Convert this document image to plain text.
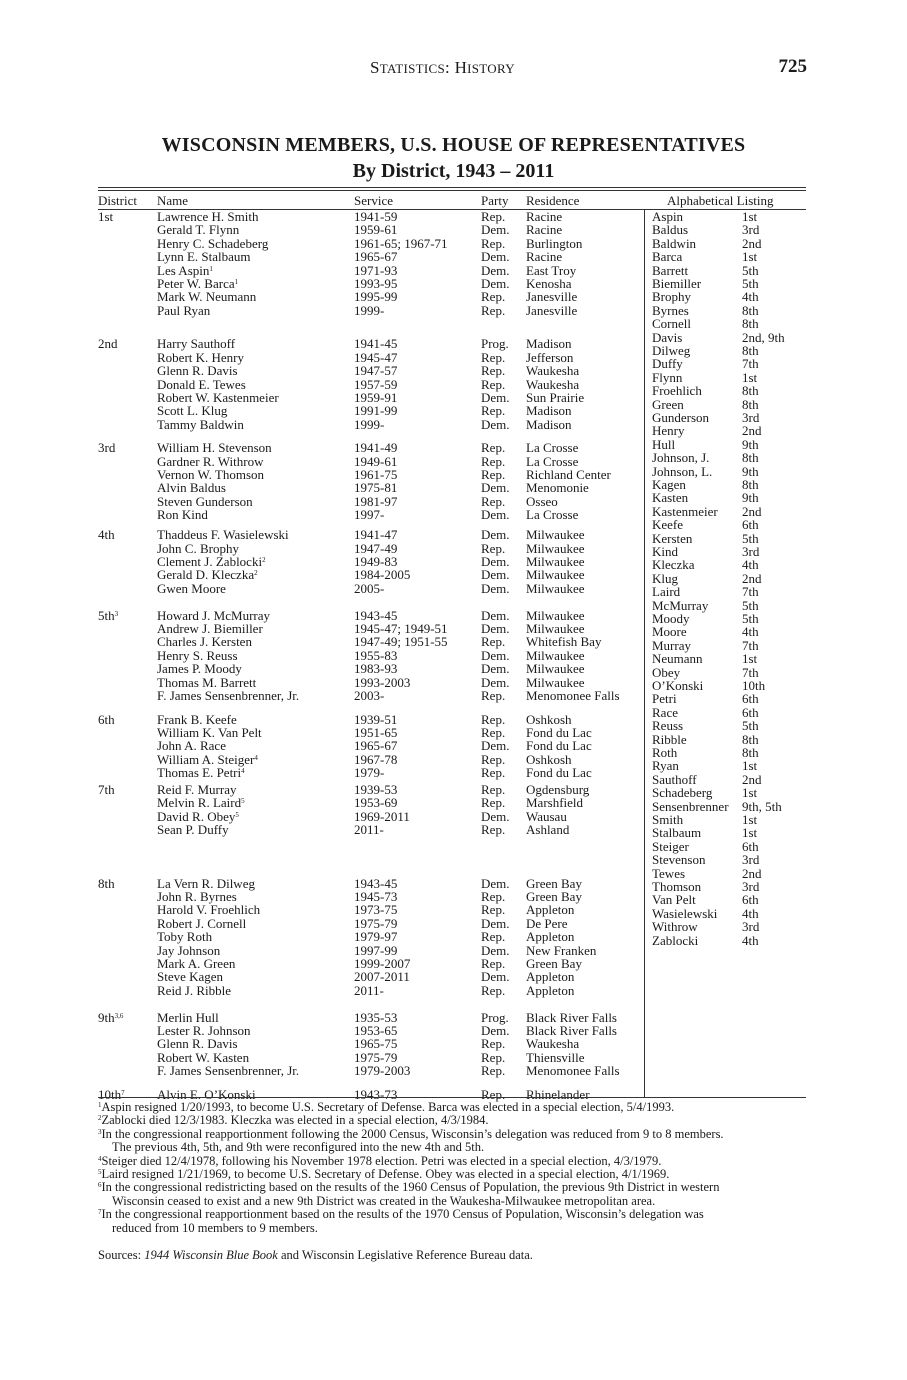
STATISTICS: HISTORY	725
WISCONSIN MEMBERS, U.S. HOUSE OF REPRESENTATIVES
By District, 1943 – 2011
District Name	Service	Party Residence	Alphabetical Listing
1st	Lawrence H. Smith	1941-59	Rep. Racine
Gerald T. Flynn	1959-61	Dem. Racine
Henry C. Schadeberg	1961-65; 1967-71	Rep. Burlington
Lynn E. Stalbaum	1965-67	Dem. Racine
Les Aspin$^1$	1971-93	Dem. East Troy
Peter W. Barca$^1$	1993-95	Dem. Kenosha
Mark W. Neumann	1995-99	Rep. Janesville
Paul Ryan	1999-	Rep. Janesville
2nd	Harry Sauthoff	1941-45	Prog. Madison
Robert K. Henry	1945-47	Rep. Jefferson
Glenn R. Davis	1947-57	Rep. Waukesha
Donald E. Tewes	1957-59	Rep. Waukesha
Robert W. Kastenmeier	1959-91	Dem. Sun Prairie
Scott L. Klug	1991-99	Rep. Madison
Tammy Baldwin	1999-	Dem. Madison
3rd	William H. Stevenson	1941-49	Rep. La Crosse
Gardner R. Withrow	1949-61	Rep. La Crosse
Vernon W. Thomson	1961-75	Rep. Richland Center
Alvin Baldus	1975-81	Dem. Menomonie
Steven Gunderson	1981-97	Rep. Osseo
Ron Kind	1997-	Dem. La Crosse
4th	Thaddeus F. Wasielewski	1941-47	Dem. Milwaukee
John C. Brophy	1947-49	Rep. Milwaukee
Clement J. Zablocki$^2$	1949-83	Dem. Milwaukee
Gerald D. Kleczka$^2$	1984-2005	Dem. Milwaukee
Gwen Moore	2005-	Dem. Milwaukee
$5th^3$	Howard J. McMurray	1943-45	Dem. Milwaukee
Andrew J. Biemiller	1945-47; 1949-51	Dem. Milwaukee
Charles J. Kersten	1947-49; 1951-55	Rep. Whitefish Bay
Henry S. Reuss	1955-83	Dem. Milwaukee
James P. Moody	1983-93	Dem. Milwaukee
Thomas M. Barrett	1993-2003	Dem. Milwaukee
F. James Sensenbrenner, Jr.	2003-	Rep. Menomonee Falls
6th	Frank B. Keefe	1939-51	Rep. Oshkosh
William K. Van Pelt	1951-65	Rep. Fond du Lac
John A. Race	1965-67	Dem. Fond du Lac
William A. Steiger$^4$	1967-78	Rep. Oshkosh
Thomas E. Petri$^4$	1979-	Rep. Fond du Lac
7th	Reid F. Murray	1939-53	Rep. Ogdensburg
Melvin R. Laird$^5$	1953-69	Rep. Marshfield
David R. Obey$^5$	1969-2011	Dem. Wausau
Sean P. Duffy	2011-	Rep. Ashland
8th	La Vern R. Dilweg	1943-45	Dem. Green Bay
John R. Byrnes	1945-73	Rep. Green Bay
Harold V. Froehlich	1973-75	Rep. Appleton
Robert J. Cornell	1975-79	Dem. De Pere
Toby Roth	1979-97	Rep. Appleton
Jay Johnson	1997-99	Dem. New Franken
Mark A. Green	1999-2007	Rep. Green Bay
Steve Kagen	2007-2011	Dem. Appleton
Reid J. Ribble	2011-	Rep. Appleton
9th$^{3,6}$	Merlin Hull	1935-53	Prog. Black River Falls
Lester R. Johnson	1953-65	Dem. Black River Falls
Glenn R. Davis	1965-75	Rep. Waukesha
Robert W. Kasten	1975-79	Rep. Thiensville
F. James Sensenbrenner, Jr.	1979-2003	Rep. Menomonee Falls
$10th^7$ Alvin E. O’Konski	1943-73	Rep. Rhinelander
Aspin	1st
Baldus	3rd
Baldwin	2nd
Barca	1st
Barrett	5th
Biemiller	5th
Brophy	4th
Byrnes	8th
Cornell	8th
Davis	2nd, 9th
Dilweg	8th
Duffy	7th
Flynn	1st
Froehlich	8th
Green	8th
Gunderson	3rd
Henry	2nd
Hull	9th
Johnson, J.	8th
Johnson, L. 9th
Kagen	8th
Kasten	9th
Kastenmeier 2nd
Keefe	6th
Kersten	5th
Kind	3rd
Kleczka	4th
Klug	2nd
Laird	7th
McMurray	5th
Moody	5th
Moore	4th
Murray	7th
Neumann	1st
Obey	7th
O’Konski	10th
Petri	6th
Race	6th
Reuss	5th
Ribble	8th
Roth	8th
Ryan	1st
Sauthoff	2nd
Schadeberg 1st
Sensenbrenner 9th, 5th
Smith	1st
Stalbaum	1st
Steiger	6th
Stevenson	3rd
Tewes	2nd
Thomson	3rd
Van Pelt	6th
Wasielewski 4th
Withrow	3rd
Zablocki	4th
$^1$Aspin resigned 1/20/1993, to become U.S. Secretary of Defense. Barca was elected in a special election, 5/4/1993.
$^2$Zablocki died 12/3/1983. Kleczka was elected in a special election, 4/3/1984.
$^3$In the congressional reapportionment following the 2000 Census, Wisconsin’s delegation was reduced from 9 to 8 members.
The previous 4th, 5th, and 9th were reconfigured into the new 4th and 5th.
$^4$Steiger died 12/4/1978, following his November 1978 election. Petri was elected in a special election, 4/3/1979.
$^5$Laird resigned 1/21/1969, to become U.S. Secretary of Defense. Obey was elected in a special election, 4/1/1969.
$^6$In the congressional redistricting based on the results of the 1960 Census of Population, the previous 9th District in western
Wisconsin ceased to exist and a new 9th District was created in the Waukesha-Milwaukee metropolitan area.
$^7$In the congressional reapportionment based on the results of the 1970 Census of Population, Wisconsin’s delegation was
reduced from 10 members to 9 members.
Sources: 1944 Wisconsin Blue Book and Wisconsin Legislative Reference Bureau data.
